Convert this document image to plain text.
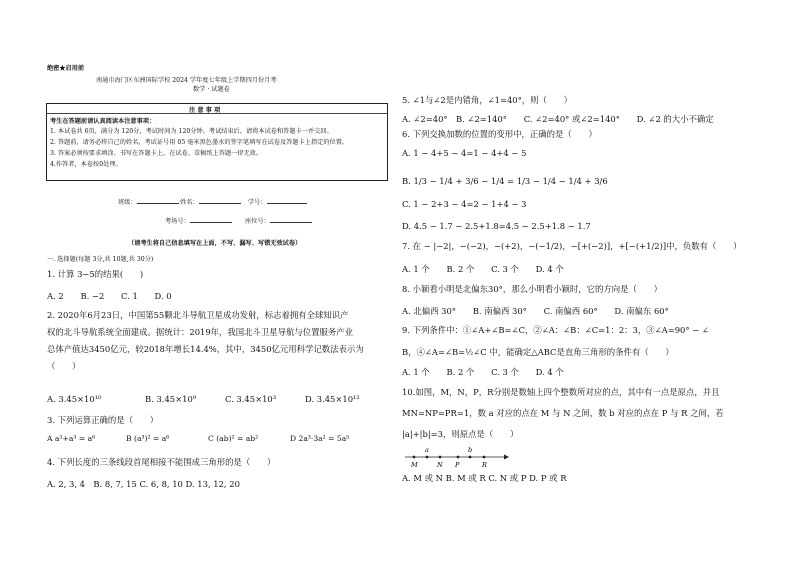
绝密★启用前
南通市海门区东洲国际学校 2024 学年度七年级上学期四月份月考
数学 · 试题卷
注 意 事 项
考生在答题前请认真阅读本注意事项：
1. 本试卷共 6页，满分为 120分，考试时间为 120分钟。考试结束后，请将本试卷和答题卡一并交回。
2. 答题前，请务必将自己的姓名、考试证号用 05 毫米黑色墨水的签字笔填写在试卷及答题卡上指定的位置。
3. 答案必须按要求填涂、书写在答题卡上，在试卷、草稿纸上答题一律无效。
4.作答者，本卷按0处理。
班级：	姓名：	学号：
考场号：	座位号：
（请考生将自己信息填写在上面，不写、漏写、写错无效试卷）
一. 选择题(每题 3分,共 10题,共 30分)
1. 计算 3−5的结果(　　)
A. 2　　B. −2　　C. 1　　D. 0
2. 2020年6月23日，中国第55颗北斗导航卫星成功发射，标志着拥有全球知识产
权的北斗导航系统全面建成。据统计：2019年，我国北斗卫星导航与位置服务产业
总体产值达3450亿元，较2018年增长14.4%，其中，3450亿元用科学记数法表示为
（　　）
A. 3.45×10¹⁰	B. 3.45×10⁹	C. 3.45×10³	D. 3.45×10¹²
3. 下列运算正确的是（　　）
A a³+a³ = a⁶	B (a³)² = a⁶	C (ab)² = ab²	D 2a³·3a² = 5a⁵
4. 下列长度的三条线段首尾相接不能围成三角形的是（　　）
A. 2, 3, 4　B. 8, 7, 15 C. 6, 8, 10 D. 13, 12, 20
5. ∠1与∠2是内错角，∠1=40°，则（　　）
A. ∠2=40°　B. ∠2=140°　　C. ∠2=40° 或∠2=140°　　D. ∠2 的大小不确定
6. 下列交换加数的位置的变形中，正确的是（　　）
A. 1 − 4+5 − 4=1 − 4+4 − 5
B. 1/3 − 1/4 + 3/6 − 1/4 = 1/3 − 1/4 − 1/4 + 3/6
C. 1 − 2+3 − 4=2 − 1+4 − 3
D. 4.5 − 1.7 − 2.5+1.8=4.5 − 2.5+1.8 − 1.7
7. 在 − |−2|，−(−2)，−(+2)，−(−1/2)，−[+(−2)]，+[−(+1/2)]中，负数有（　　）
A. 1 个　　B. 2 个　　C. 3 个　　D. 4 个
8. 小颖看小明是北偏东30°，那么小明看小颖时，它的方向是（　　）
A. 北偏西 30°　　B. 南偏西 30°　　C. 南偏西 60°　　D. 南偏东 60°
9. 下列条件中：①∠A+∠B=∠C，②∠A：∠B：∠C=1：2：3，③∠A=90° − ∠
B，④∠A=∠B=½∠C 中，能确定△ABC是直角三角形的条件有（　　）
A. 1 个　　B. 2 个　　C. 3 个　　D. 4 个
10.如图，M，N，P，R分别是数轴上四个整数所对应的点，其中有一点是原点，并且
MN=NP=PR=1，数 a 对应的点在 M 与 N 之间，数 b 对应的点在 P 与 R 之间，若
|a|+|b|=3，则原点是（　　）
M
a
N P
b
R
A. M 或 N B. M 或 R C. N 或 P D. P 或 R
